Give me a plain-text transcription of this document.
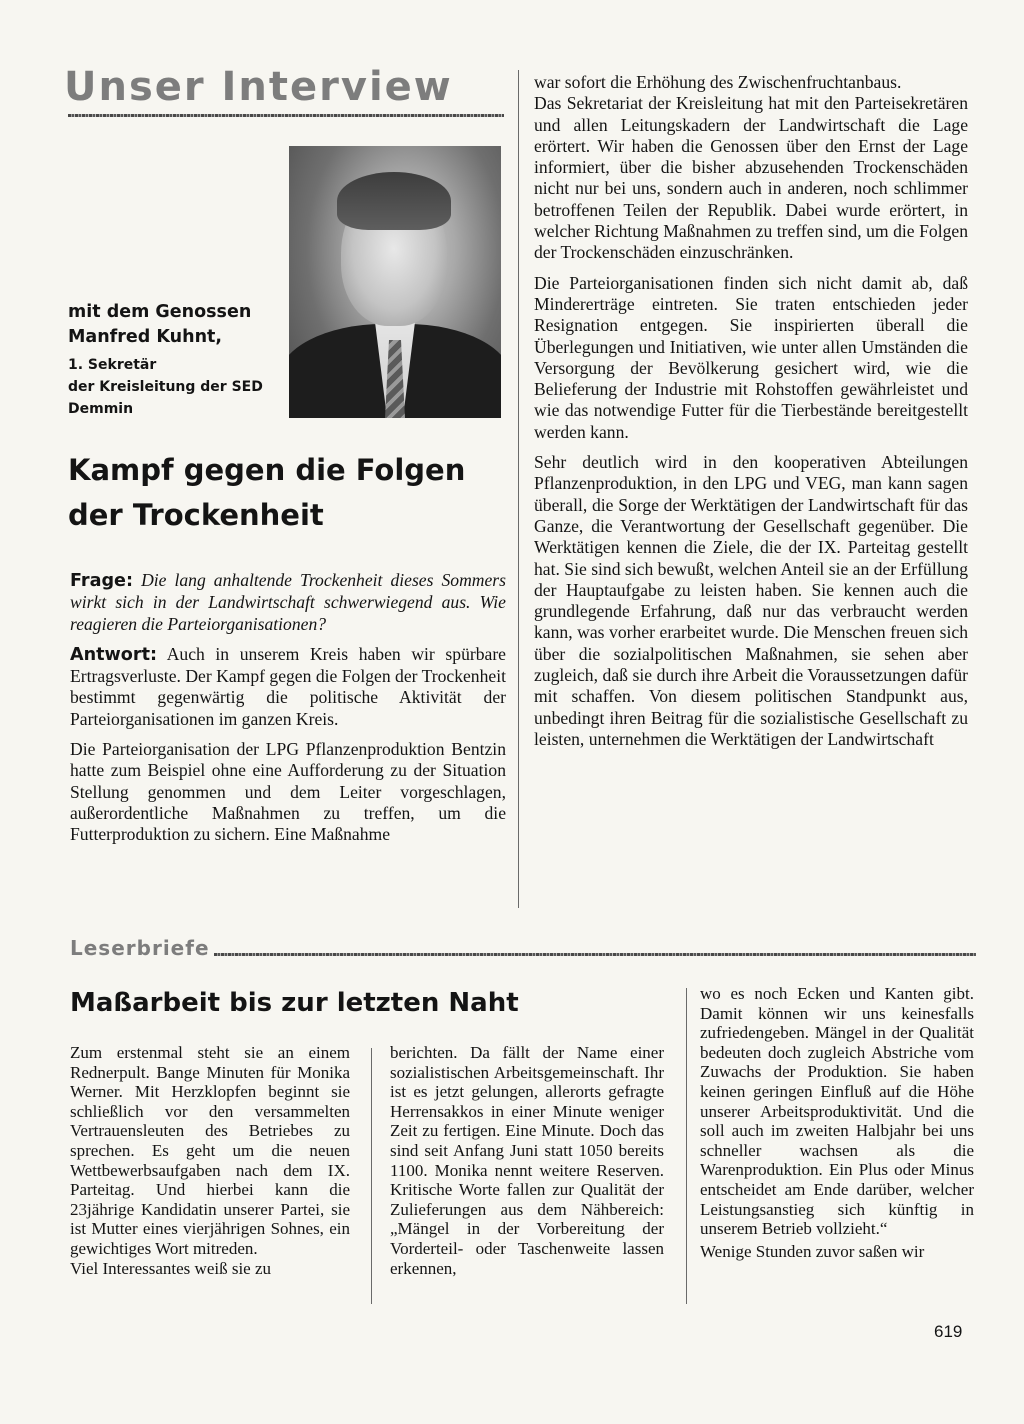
Unser Interview
mit dem Genossen
Manfred Kuhnt,
1. Sekretär
der Kreisleitung der SED
Demmin
Kampf gegen die Folgen
der Trockenheit

Frage: Die lang anhaltende Trockenheit dieses Sommers wirkt sich in der Landwirtschaft schwerwiegend aus. Wie reagieren die Parteiorganisationen?

Antwort: Auch in unserem Kreis haben wir spürbare Ertragsverluste. Der Kampf gegen die Folgen der Trockenheit bestimmt gegenwärtig die politische Aktivität der Parteiorganisationen im ganzen Kreis.

Die Parteiorganisation der LPG Pflanzenproduktion Bentzin hatte zum Beispiel ohne eine Aufforderung zu der Situation Stellung genommen und dem Leiter vorgeschlagen, außerordentliche Maßnahmen zu treffen, um die Futterproduktion zu sichern. Eine Maßnahme

war sofort die Erhöhung des Zwischenfruchtanbaus.

Das Sekretariat der Kreisleitung hat mit den Parteisekretären und allen Leitungskadern der Landwirtschaft die Lage erörtert. Wir haben die Genossen über den Ernst der Lage informiert, über die bisher abzusehenden Trockenschäden nicht nur bei uns, sondern auch in anderen, noch schlimmer betroffenen Teilen der Republik. Dabei wurde erörtert, in welcher Richtung Maßnahmen zu treffen sind, um die Folgen der Trockenschäden einzuschränken.

Die Parteiorganisationen finden sich nicht damit ab, daß Mindererträge eintreten. Sie traten entschieden jeder Resignation entgegen. Sie inspirierten überall die Überlegungen und Initiativen, wie unter allen Umständen die Versorgung der Bevölkerung gesichert wird, wie die Belieferung der Industrie mit Rohstoffen gewährleistet und wie das notwendige Futter für die Tierbestände bereitgestellt werden kann.

Sehr deutlich wird in den kooperativen Abteilungen Pflanzenproduktion, in den LPG und VEG, man kann sagen überall, die Sorge der Werktätigen der Landwirtschaft für das Ganze, die Verantwortung der Gesellschaft gegenüber. Die Werktätigen kennen die Ziele, die der IX. Parteitag gestellt hat. Sie sind sich bewußt, welchen Anteil sie an der Erfüllung der Hauptaufgabe zu leisten haben. Sie kennen auch die grundlegende Erfahrung, daß nur das verbraucht werden kann, was vorher erarbeitet wurde. Die Menschen freuen sich über die sozialpolitischen Maßnahmen, sie sehen aber zugleich, daß sie durch ihre Arbeit die Voraussetzungen dafür mit schaffen. Von diesem politischen Standpunkt aus, unbedingt ihren Beitrag für die sozialistische Gesellschaft zu leisten, unternehmen die Werktätigen der Landwirtschaft

Leserbriefe
Maßarbeit bis zur letzten Naht

Zum erstenmal steht sie an einem Rednerpult. Bange Minuten für Monika Werner. Mit Herzklopfen beginnt sie schließlich vor den versammelten Vertrauensleuten des Betriebes zu sprechen. Es geht um die neuen Wettbewerbsaufgaben nach dem IX. Parteitag. Und hierbei kann die 23jährige Kandidatin unserer Partei, sie ist Mutter eines vierjährigen Sohnes, ein gewichtiges Wort mitreden.

Viel Interessantes weiß sie zu

berichten. Da fällt der Name einer sozialistischen Arbeitsgemeinschaft. Ihr ist es jetzt gelungen, allerorts gefragte Herrensakkos in einer Minute weniger Zeit zu fertigen. Eine Minute. Doch das sind seit Anfang Juni statt 1050 bereits 1100. Monika nennt weitere Reserven. Kritische Worte fallen zur Qualität der Zulieferungen aus dem Nähbereich: „Mängel in der Vorbereitung der Vorderteil- oder Taschenweite lassen erkennen,

wo es noch Ecken und Kanten gibt. Damit können wir uns keinesfalls zufriedengeben. Mängel in der Qualität bedeuten doch zugleich Abstriche vom Zuwachs der Produktion. Sie haben keinen geringen Einfluß auf die Höhe unserer Arbeitsproduktivität. Und die soll auch im zweiten Halbjahr bei uns schneller wachsen als die Warenproduktion. Ein Plus oder Minus entscheidet am Ende darüber, welcher Leistungsanstieg sich künftig in unserem Betrieb vollzieht.“

Wenige Stunden zuvor saßen wir

619
